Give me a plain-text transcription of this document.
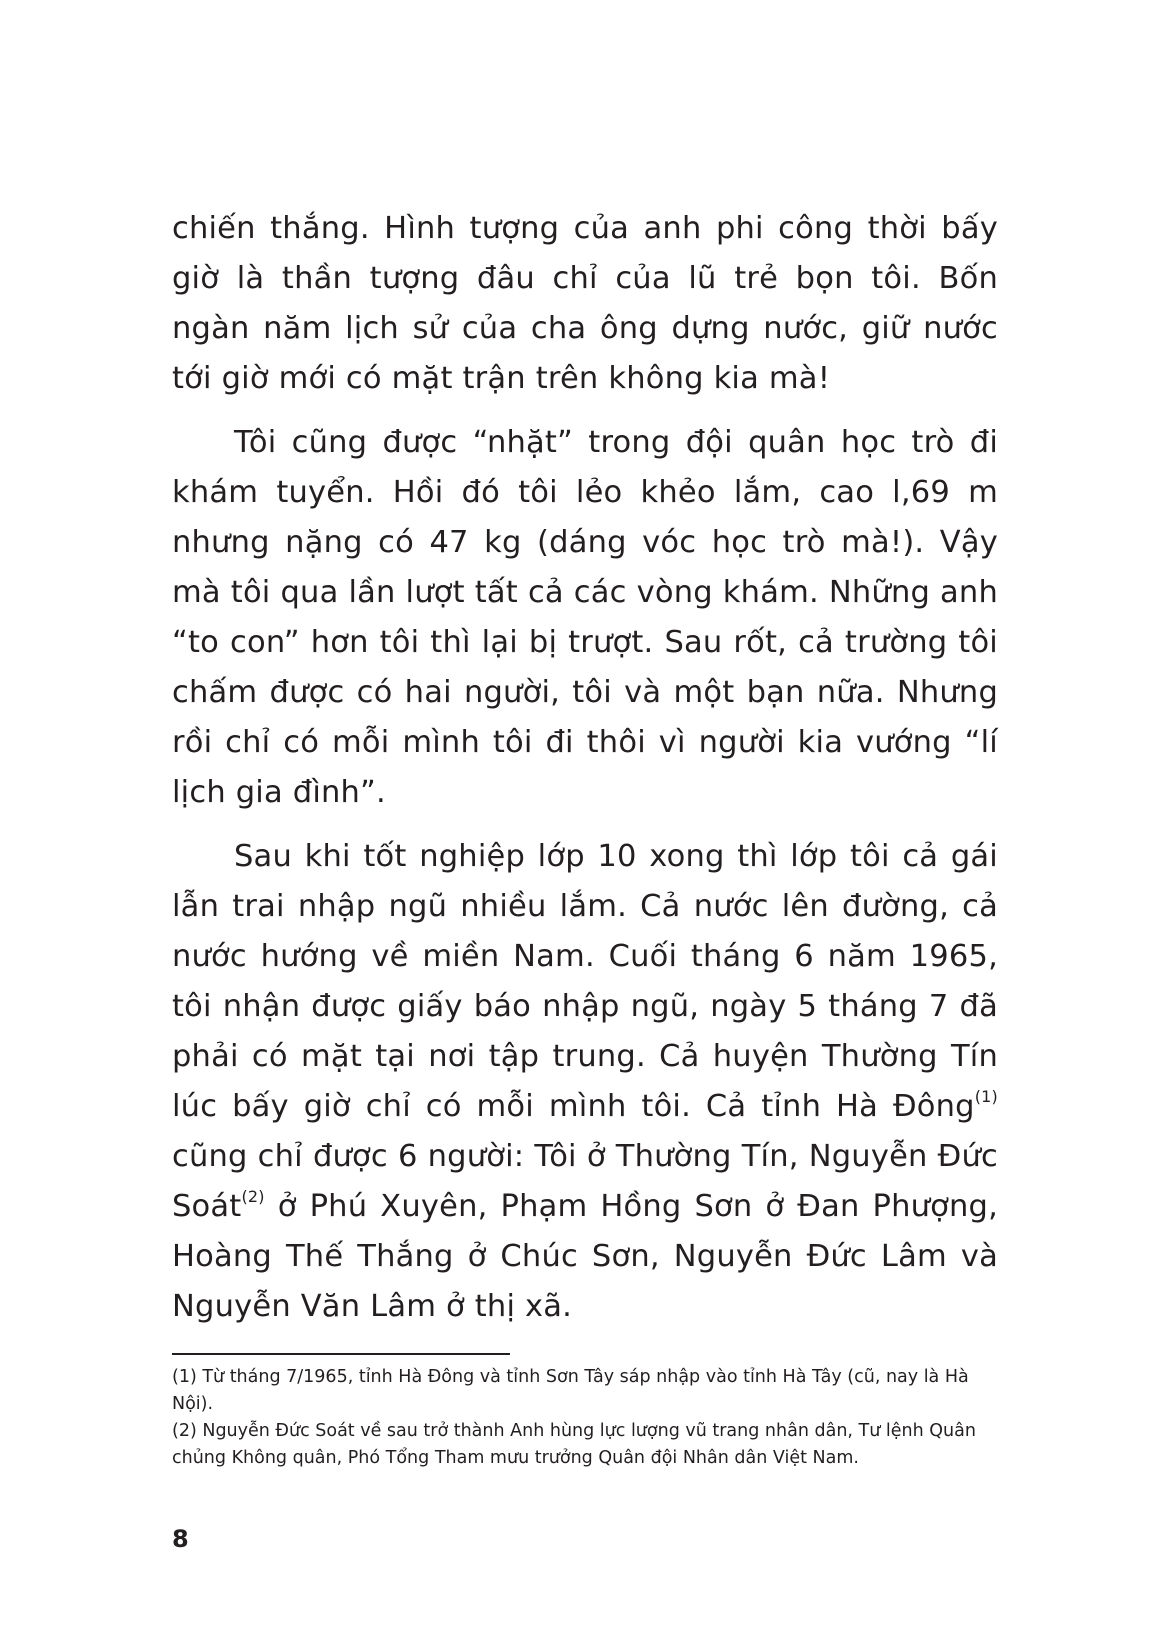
chiến thắng. Hình tượng của anh phi công thời bấy giờ là thần tượng đâu chỉ của lũ trẻ bọn tôi. Bốn ngàn năm lịch sử của cha ông dựng nước, giữ nước tới giờ mới có mặt trận trên không kia mà!

Tôi cũng được “nhặt” trong đội quân học trò đi khám tuyển. Hồi đó tôi lẻo khẻo lắm, cao l,69 m nhưng nặng có 47 kg (dáng vóc học trò mà!). Vậy mà tôi qua lần lượt tất cả các vòng khám. Những anh “to con” hơn tôi thì lại bị trượt. Sau rốt, cả trường tôi chấm được có hai người, tôi và một bạn nữa. Nhưng rồi chỉ có mỗi mình tôi đi thôi vì người kia vướng “lí lịch gia đình”.

Sau khi tốt nghiệp lớp 10 xong thì lớp tôi cả gái lẫn trai nhập ngũ nhiều lắm. Cả nước lên đường, cả nước hướng về miền Nam. Cuối tháng 6 năm 1965, tôi nhận được giấy báo nhập ngũ, ngày 5 tháng 7 đã phải có mặt tại nơi tập trung. Cả huyện Thường Tín lúc bấy giờ chỉ có mỗi mình tôi. Cả tỉnh Hà Đông$^{(1)}$ cũng chỉ được 6 người: Tôi ở Thường Tín, Nguyễn Đức Soát$^{(2)}$ ở Phú Xuyên, Phạm Hồng Sơn ở Đan Phượng, Hoàng Thế Thắng ở Chúc Sơn, Nguyễn Đức Lâm và Nguyễn Văn Lâm ở thị xã.

(1) Từ tháng 7/1965, tỉnh Hà Đông và tỉnh Sơn Tây sáp nhập vào tỉnh Hà Tây (cũ, nay là Hà Nội).

(2) Nguyễn Đức Soát về sau trở thành Anh hùng lực lượng vũ trang nhân dân, Tư lệnh Quân chủng Không quân, Phó Tổng Tham mưu trưởng Quân đội Nhân dân Việt Nam.

8
